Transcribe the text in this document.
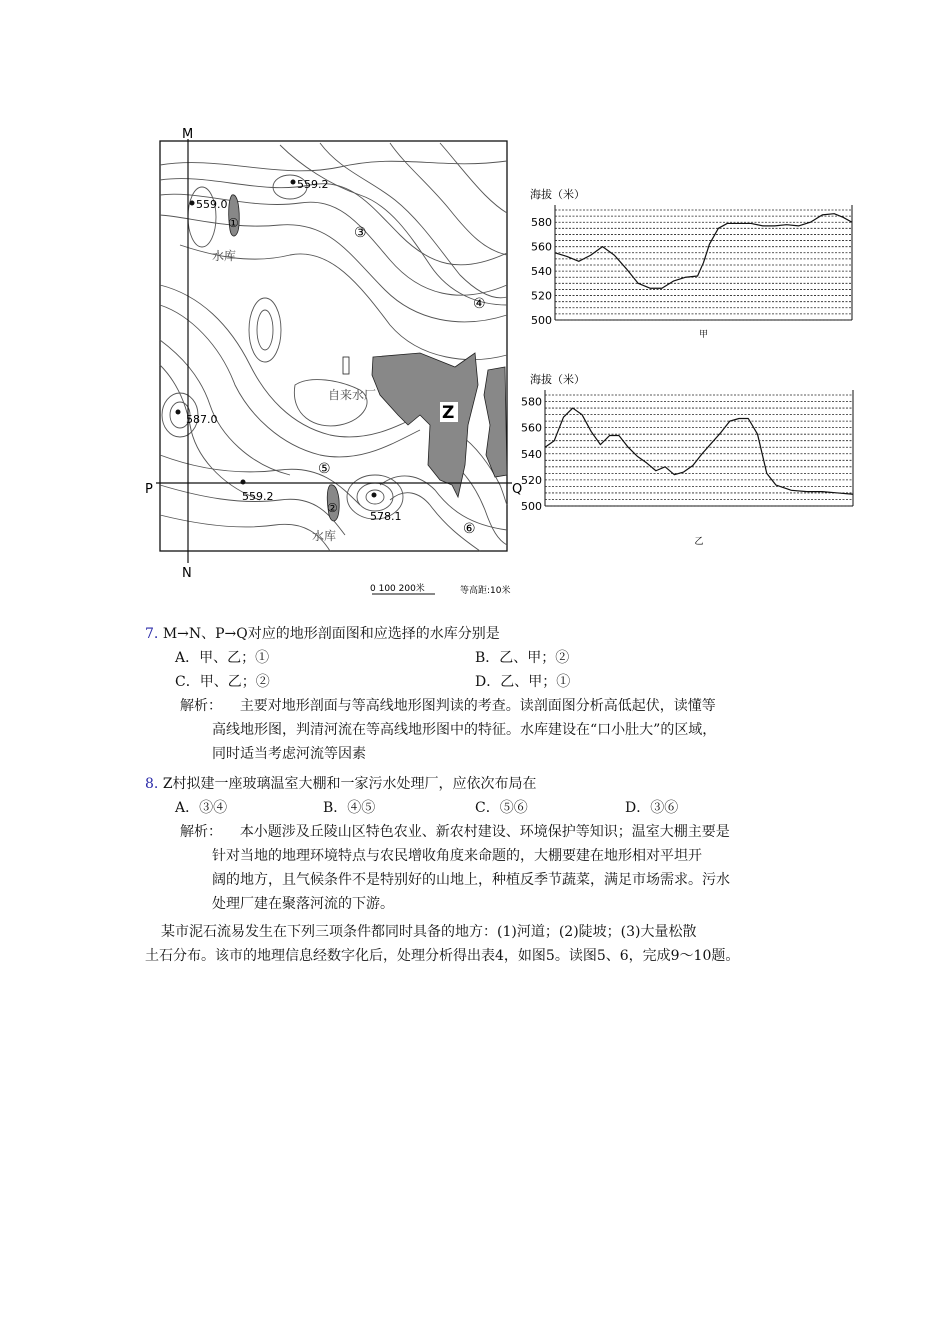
M
N
P	Q
559.0
559.2
587.0
559.2
578.1
水库
水库
自来水厂
Z
①
②
③
④
⑤
⑥
0 100 200米	等高距:10米
500
520
540
560
580
海拔（米）
甲
500
520
540
560
580
海拔（米）
乙
7. M→N、P→Q对应的地形剖面图和应选择的水库分别是
A．甲、乙；①	B．乙、甲；②
C．甲、乙；②	D．乙、甲；①
解析： 主要对地形剖面与等高线地形图判读的考查。读剖面图分析高低起伏，读懂等
高线地形图，判清河流在等高线地形图中的特征。水库建设在“口小肚大”的区域，
同时适当考虑河流等因素
8. Z村拟建一座玻璃温室大棚和一家污水处理厂，应依次布局在
A．③④	B．④⑤	C．⑤⑥	D．③⑥
解析： 本小题涉及丘陵山区特色农业、新农村建设、环境保护等知识；温室大棚主要是
针对当地的地理环境特点与农民增收角度来命题的，大棚要建在地形相对平坦开
阔的地方，且气候条件不是特别好的山地上，种植反季节蔬菜，满足市场需求。污水
处理厂建在聚落河流的下游。
某市泥石流易发生在下列三项条件都同时具备的地方：(1)河道；(2)陡坡；(3)大量松散
土石分布。该市的地理信息经数字化后，处理分析得出表4，如图5。读图5、6，完成9～10题。
